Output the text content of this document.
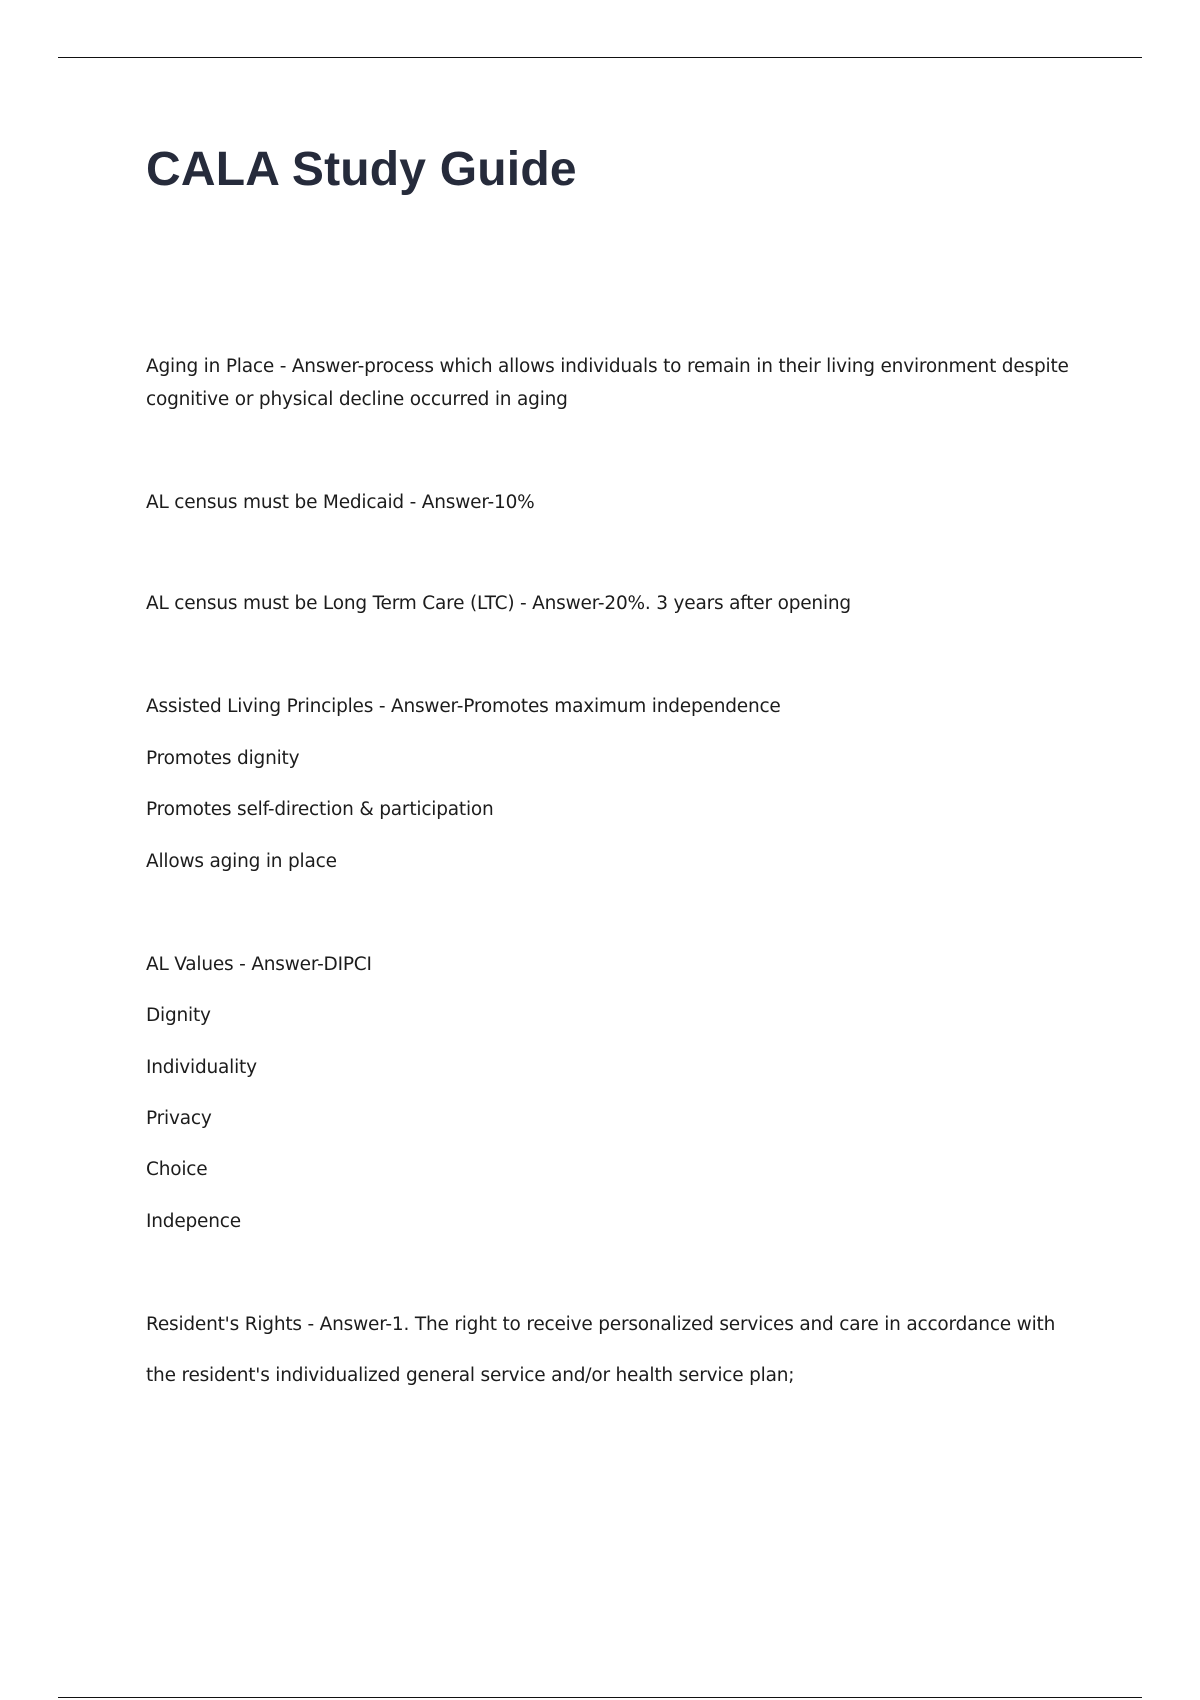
CALA Study Guide

Aging in Place - Answer-process which allows individuals to remain in their living environment despite

cognitive or physical decline occurred in aging

AL census must be Medicaid - Answer-10%

AL census must be Long Term Care (LTC) - Answer-20%. 3 years after opening

Assisted Living Principles - Answer-Promotes maximum independence

Promotes dignity

Promotes self-direction & participation

Allows aging in place

AL Values - Answer-DIPCI

Dignity

Individuality

Privacy

Choice

Indepence

Resident's Rights - Answer-1. The right to receive personalized services and care in accordance with

the resident's individualized general service and/or health service plan;
